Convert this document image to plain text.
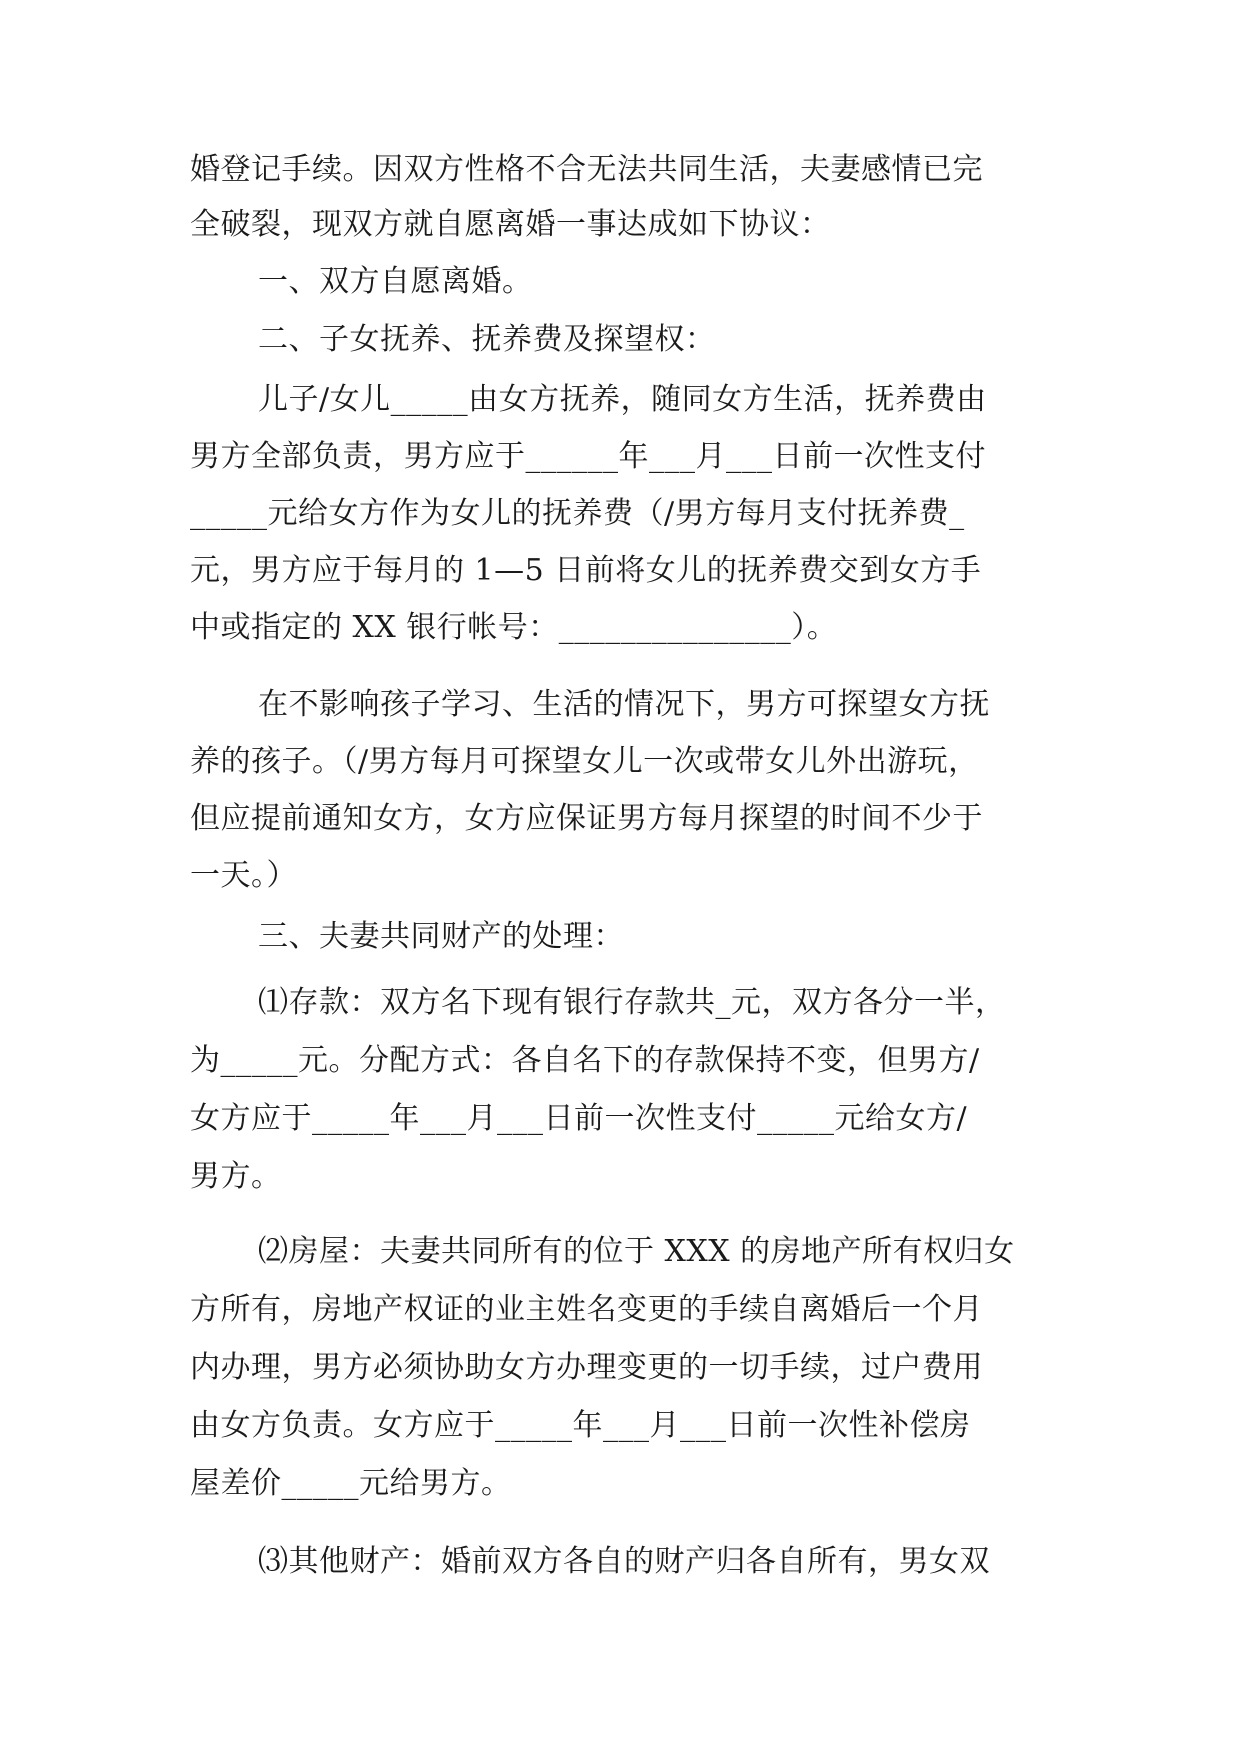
婚登记手续。因双方性格不合无法共同生活，夫妻感情已完
全破裂，现双方就自愿离婚一事达成如下协议：
一、双方自愿离婚。
二、子女抚养、抚养费及探望权：
儿子/女儿_____由女方抚养，随同女方生活，抚养费由
男方全部负责，男方应于______年___月___日前一次性支付
_____元给女方作为女儿的抚养费（/男方每月支付抚养费_
元，男方应于每月的 1—5 日前将女儿的抚养费交到女方手
中或指定的 XX 银行帐号：_______________）。
在不影响孩子学习、生活的情况下，男方可探望女方抚
养的孩子。（/男方每月可探望女儿一次或带女儿外出游玩，
但应提前通知女方，女方应保证男方每月探望的时间不少于
一天。）
三、夫妻共同财产的处理：
⑴存款：双方名下现有银行存款共_元，双方各分一半，
为_____元。分配方式：各自名下的存款保持不变，但男方/
女方应于_____年___月___日前一次性支付_____元给女方/
男方。
⑵房屋：夫妻共同所有的位于 XXX 的房地产所有权归女
方所有，房地产权证的业主姓名变更的手续自离婚后一个月
内办理，男方必须协助女方办理变更的一切手续，过户费用
由女方负责。女方应于_____年___月___日前一次性补偿房
屋差价_____元给男方。
⑶其他财产：婚前双方各自的财产归各自所有，男女双
